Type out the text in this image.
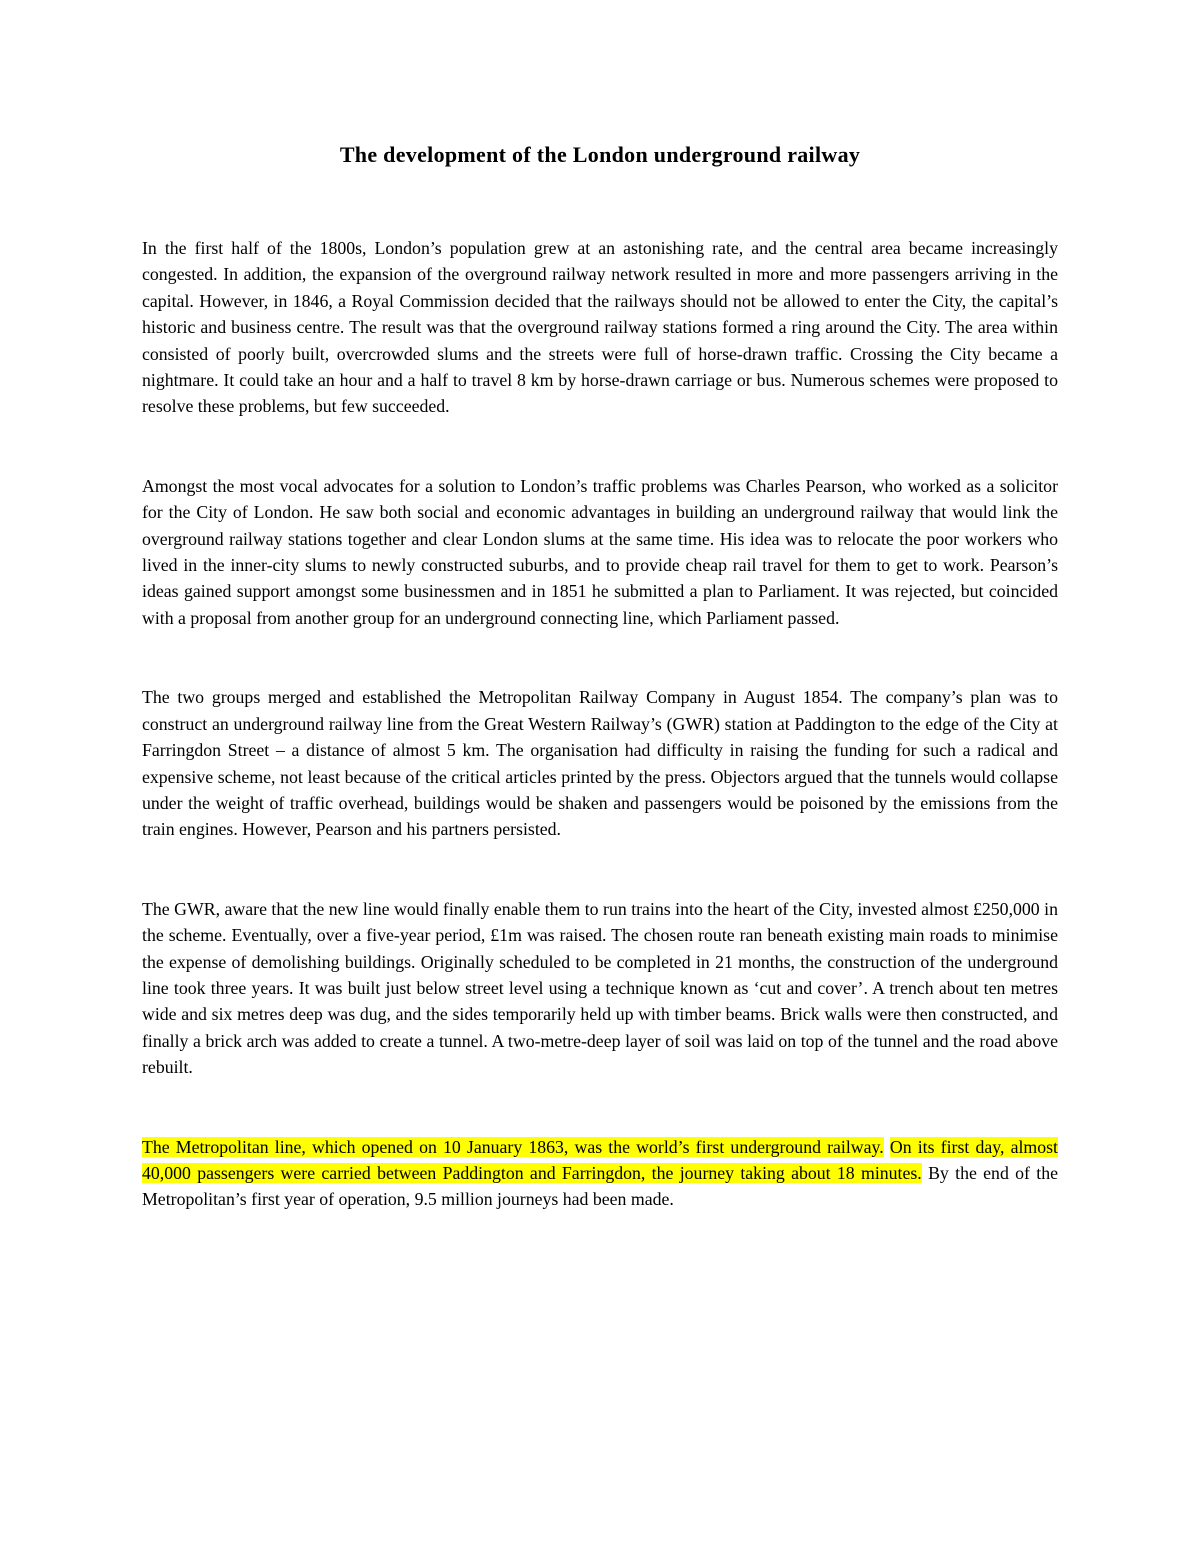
The development of the London underground railway

In the first half of the 1800s, London’s population grew at an astonishing rate, and the central area became increasingly congested. In addition, the expansion of the overground railway network resulted in more and more passengers arriving in the capital. However, in 1846, a Royal Commission decided that the railways should not be allowed to enter the City, the capital’s historic and business centre. The result was that the overground railway stations formed a ring around the City. The area within consisted of poorly built, overcrowded slums and the streets were full of horse-drawn traffic. Crossing the City became a nightmare. It could take an hour and a half to travel 8 km by horse-drawn carriage or bus. Numerous schemes were proposed to resolve these problems, but few succeeded.

Amongst the most vocal advocates for a solution to London’s traffic problems was Charles Pearson, who worked as a solicitor for the City of London. He saw both social and economic advantages in building an underground railway that would link the overground railway stations together and clear London slums at the same time. His idea was to relocate the poor workers who lived in the inner-city slums to newly constructed suburbs, and to provide cheap rail travel for them to get to work. Pearson’s ideas gained support amongst some businessmen and in 1851 he submitted a plan to Parliament. It was rejected, but coincided with a proposal from another group for an underground connecting line, which Parliament passed.

The two groups merged and established the Metropolitan Railway Company in August 1854. The company’s plan was to construct an underground railway line from the Great Western Railway’s (GWR) station at Paddington to the edge of the City at Farringdon Street – a distance of almost 5 km. The organisation had difficulty in raising the funding for such a radical and expensive scheme, not least because of the critical articles printed by the press. Objectors argued that the tunnels would collapse under the weight of traffic overhead, buildings would be shaken and passengers would be poisoned by the emissions from the train engines. However, Pearson and his partners persisted.

The GWR, aware that the new line would finally enable them to run trains into the heart of the City, invested almost £250,000 in the scheme. Eventually, over a five-year period, £1m was raised. The chosen route ran beneath existing main roads to minimise the expense of demolishing buildings. Originally scheduled to be completed in 21 months, the construction of the underground line took three years. It was built just below street level using a technique known as ‘cut and cover’. A trench about ten metres wide and six metres deep was dug, and the sides temporarily held up with timber beams. Brick walls were then constructed, and finally a brick arch was added to create a tunnel. A two-metre-deep layer of soil was laid on top of the tunnel and the road above rebuilt.

The Metropolitan line, which opened on 10 January 1863, was the world’s first underground railway. On its first day, almost 40,000 passengers were carried between Paddington and Farringdon, the journey taking about 18 minutes. By the end of the Metropolitan’s first year of operation, 9.5 million journeys had been made.
